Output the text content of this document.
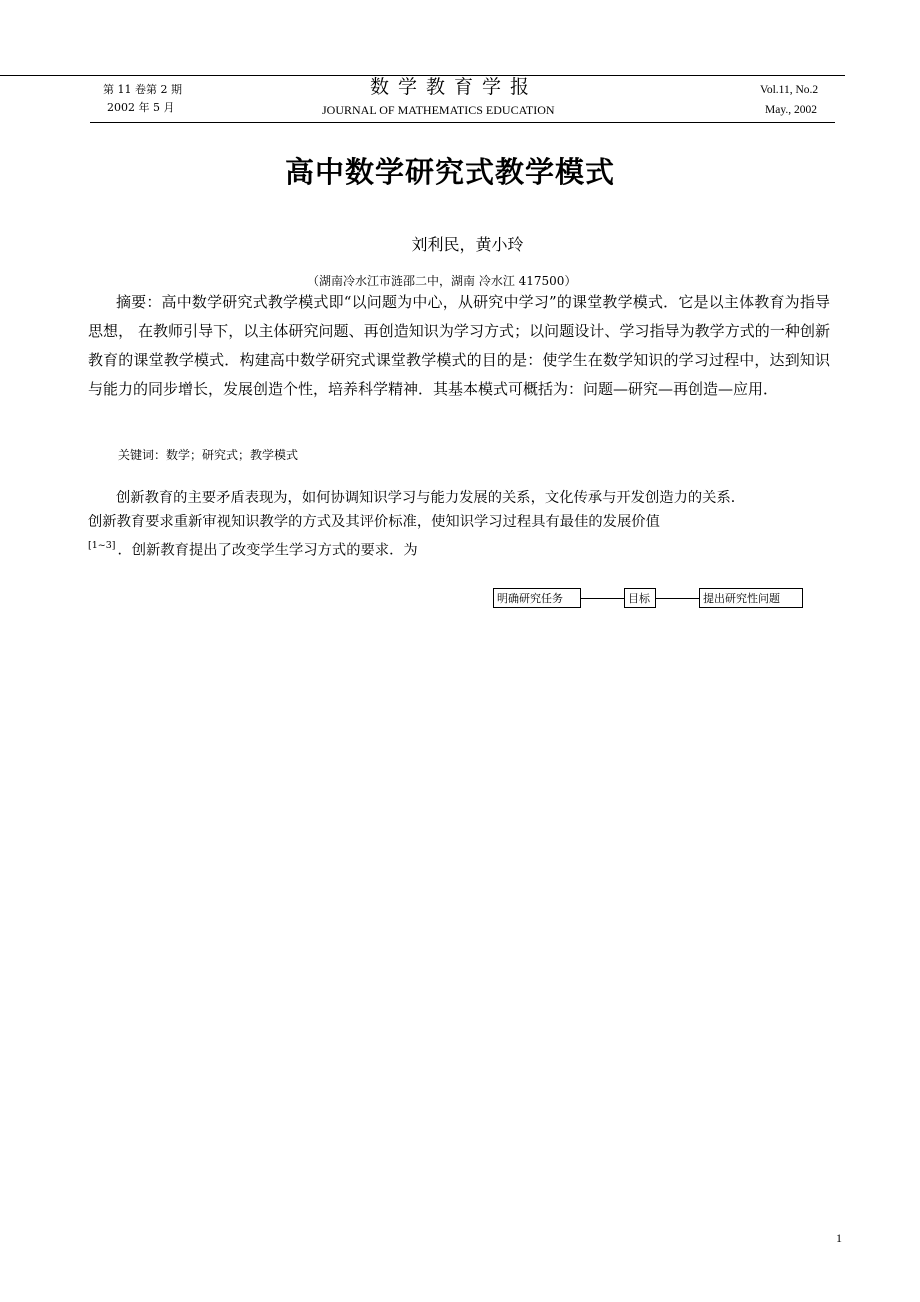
第 11 卷第 2 期
2002 年 5 月
数学教育学报
JOURNAL OF MATHEMATICS EDUCATION
Vol.11, No.2
May., 2002
高中数学研究式教学模式
刘利民，黄小玲
（湖南冷水江市涟邵二中，湖南 冷水江 417500）
摘要：高中数学研究式教学模式即“以问题为中心，从研究中学习”的课堂教学模式．它是以主体教育为指导思想， 在教师引导下，以主体研究问题、再创造知识为学习方式；以问题设计、学习指导为教学方式的一种创新教育的课堂教学模式．构建高中数学研究式课堂教学模式的目的是：使学生在数学知识的学习过程中，达到知识与能力的同步增长，发展创造个性，培养科学精神．其基本模式可概括为：问题—研究—再创造—应用．
关键词：数学；研究式；教学模式
创新教育的主要矛盾表现为，如何协调知识学习与能力发展的关系，文化传承与开发创造力的关系．
创新教育要求重新审视知识教学的方式及其评价标准，使知识学习过程具有最佳的发展价值
[1~3] ．创新教育提出了改变学生学习方式的要求．为
明确研究任务	目标	提出研究性问题
1
